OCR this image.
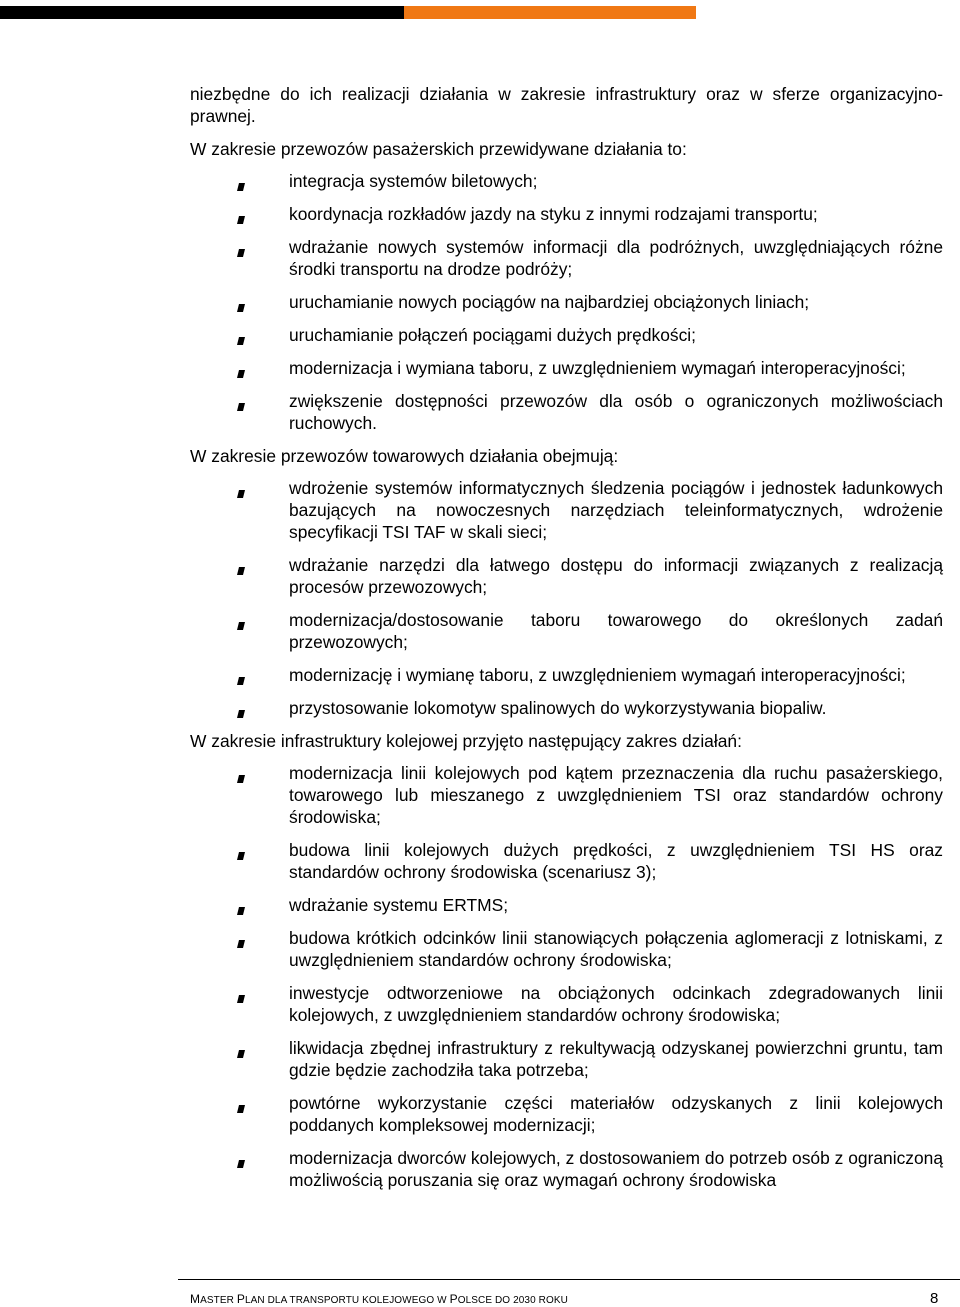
niezbędne do ich realizacji działania w zakresie infrastruktury oraz w sferze organizacyjno-prawnej.

W zakresie przewozów pasażerskich przewidywane działania to:

integracja systemów biletowych;
koordynacja rozkładów jazdy na styku z innymi rodzajami transportu;
wdrażanie nowych systemów informacji dla podróżnych, uwzględniających różne środki transportu na drodze podróży;
uruchamianie nowych pociągów na najbardziej obciążonych liniach;
uruchamianie połączeń pociągami dużych prędkości;
modernizacja i wymiana taboru, z uwzględnieniem wymagań interoperacyjności;
zwiększenie dostępności przewozów dla osób o ograniczonych możliwościach ruchowych.

W zakresie przewozów towarowych działania obejmują:

wdrożenie systemów informatycznych śledzenia pociągów i jednostek ładunkowych bazujących na nowoczesnych narzędziach teleinformatycznych, wdrożenie specyfikacji TSI TAF w skali sieci;
wdrażanie narzędzi dla łatwego dostępu do informacji związanych z realizacją procesów przewozowych;
modernizacja/dostosowanie taboru towarowego do określonych zadań przewozowych;
modernizację i wymianę taboru, z uwzględnieniem wymagań interoperacyjności;
przystosowanie lokomotyw spalinowych do wykorzystywania biopaliw.

W zakresie infrastruktury kolejowej przyjęto następujący zakres działań:

modernizacja linii kolejowych pod kątem przeznaczenia dla ruchu pasażerskiego, towarowego lub mieszanego z uwzględnieniem TSI oraz standardów ochrony środowiska;
budowa linii kolejowych dużych prędkości, z uwzględnieniem TSI HS oraz standardów ochrony środowiska (scenariusz 3);
wdrażanie systemu ERTMS;
budowa krótkich odcinków linii stanowiących połączenia aglomeracji z lotniskami, z uwzględnieniem standardów ochrony środowiska;
inwestycje odtworzeniowe na obciążonych odcinkach zdegradowanych linii kolejowych, z uwzględnieniem standardów ochrony środowiska;
likwidacja zbędnej infrastruktury z rekultywacją odzyskanej powierzchni gruntu, tam gdzie będzie zachodziła taka potrzeba;
powtórne wykorzystanie części materiałów odzyskanych z linii kolejowych poddanych kompleksowej modernizacji;
modernizacja dworców kolejowych, z dostosowaniem do potrzeb osób z ograniczoną możliwością poruszania się oraz wymagań ochrony środowiska
MASTER PLAN DLA TRANSPORTU KOLEJOWEGO W POLSCE DO 2030 ROKU	8
